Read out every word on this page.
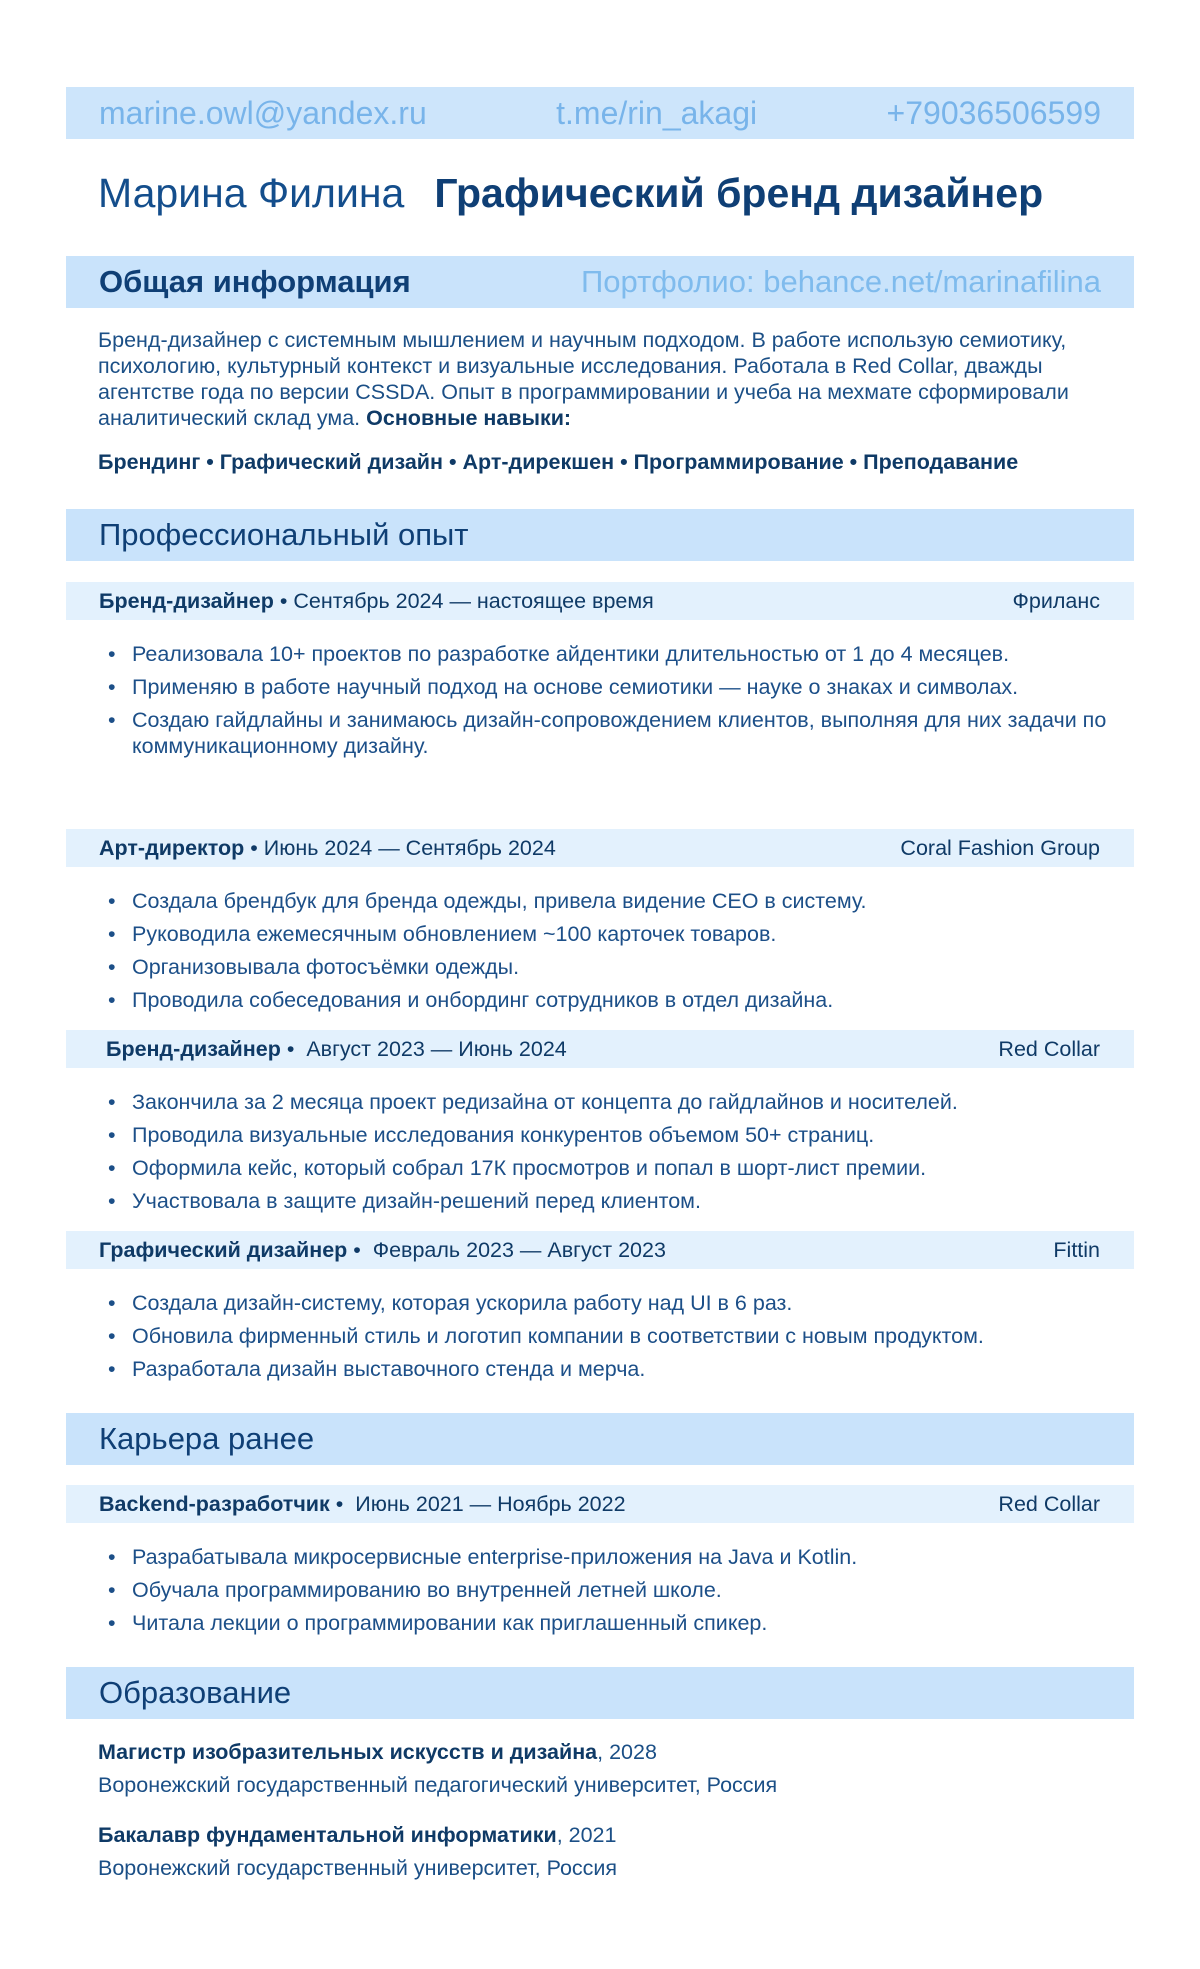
marine.owl@yandex.ru	t.me/rin_akagi	+79036506599
Марина Филина Графический бренд дизайнер
Общая информация	Портфолио: behance.net/marinafilina
Бренд-дизайнер с системным мышлением и научным подходом. В работе использую семиотику, психологию, культурный контекст и визуальные исследования. Работала в Red Collar, дважды агентстве года по версии CSSDA. Опыт в программировании и учеба на мехмате сформировали аналитический склад ума. Основные навыки:
Брендинг • Графический дизайн • Арт-дирекшен • Программирование • Преподавание
Профессиональный опыт
Бренд-дизайнер • Сентябрь 2024 — настоящее время	Фриланс
• Реализовала 10+ проектов по разработке айдентики длительностью от 1 до 4 месяцев.
• Применяю в работе научный подход на основе семиотики — науке о знаках и символах.
• Создаю гайдлайны и занимаюсь дизайн-сопровождением клиентов, выполняя для них задачи по коммуникационному дизайну.
Арт-директор • Июнь 2024 — Сентябрь 2024	Coral Fashion Group
• Создала брендбук для бренда одежды, привела видение CEO в систему.
• Руководила ежемесячным обновлением ~100 карточек товаров.
• Организовывала фотосъёмки одежды.
• Проводила собеседования и онбординг сотрудников в отдел дизайна.
Бренд-дизайнер • Август 2023 — Июнь 2024	Red Collar
• Закончила за 2 месяца проект редизайна от концепта до гайдлайнов и носителей.
• Проводила визуальные исследования конкурентов объемом 50+ страниц.
• Оформила кейс, который собрал 17К просмотров и попал в шорт-лист премии.
• Участвовала в защите дизайн-решений перед клиентом.
Графический дизайнер • Февраль 2023 — Август 2023	Fittin
• Создала дизайн-систему, которая ускорила работу над UI в 6 раз.
• Обновила фирменный стиль и логотип компании в соответствии с новым продуктом.
• Разработала дизайн выставочного стенда и мерча.
Карьера ранее
Backend-разработчик • Июнь 2021 — Ноябрь 2022	Red Collar
• Разрабатывала микросервисные enterprise-приложения на Java и Kotlin.
• Обучала программированию во внутренней летней школе.
• Читала лекции о программировании как приглашенный спикер.
Образование
Магистр изобразительных искусств и дизайна, 2028
Воронежский государственный педагогический университет, Россия
Бакалавр фундаментальной информатики, 2021
Воронежский государственный университет, Россия
